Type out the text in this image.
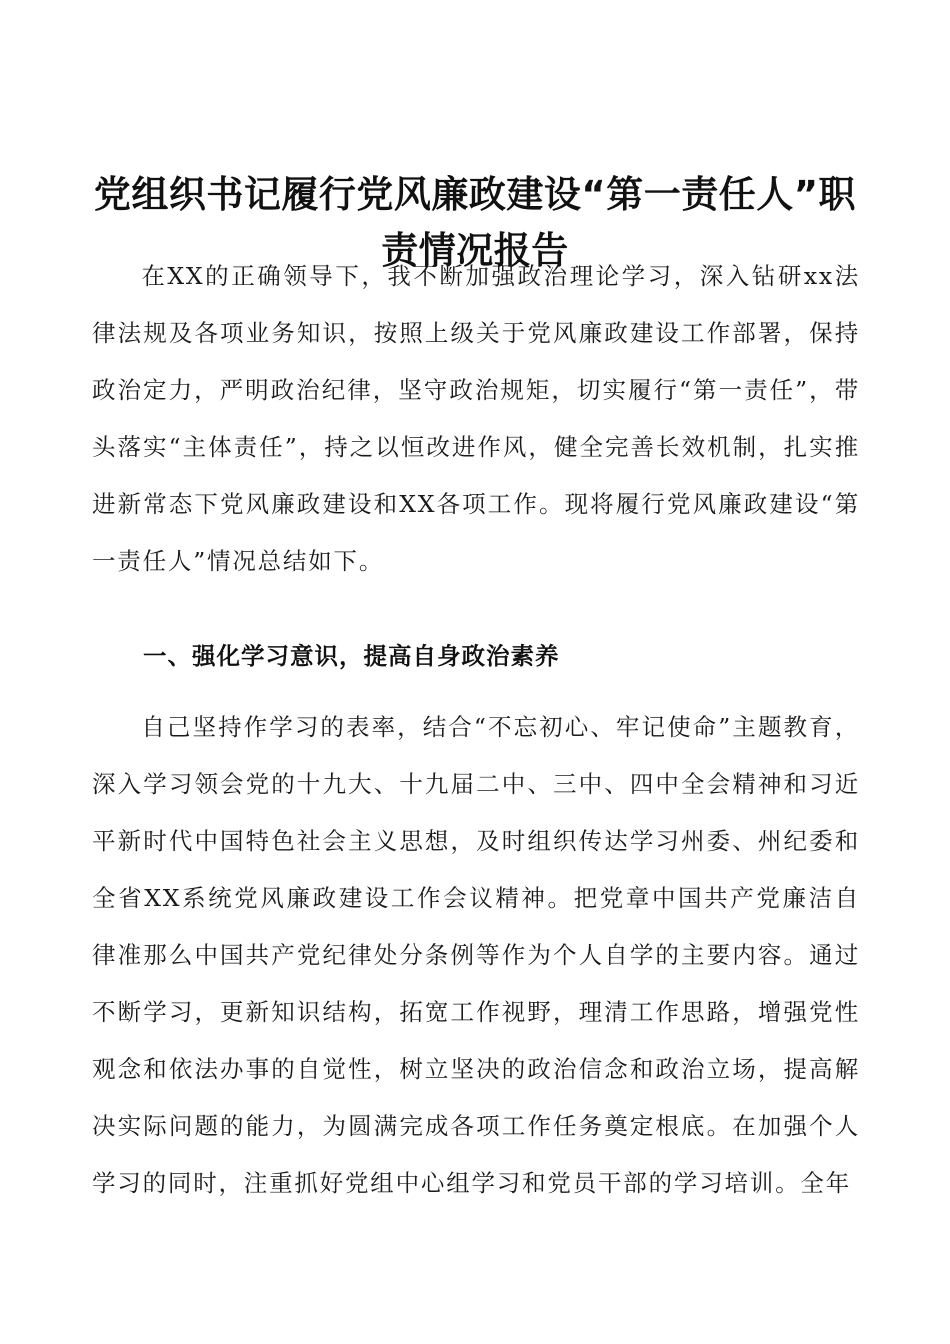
党组织书记履行党风廉政建设“第一责任人”职
责情况报告

在XX的正确领导下，我不断加强政治理论学习，深入钻研xx法律法规及各项业务知识，按照上级关于党风廉政建设工作部署，保持政治定力，严明政治纪律，坚守政治规矩，切实履行“第一责任”，带头落实“主体责任”，持之以恒改进作风，健全完善长效机制，扎实推进新常态下党风廉政建设和XX各项工作。现将履行党风廉政建设“第一责任人”情况总结如下。

一、强化学习意识，提高自身政治素养

自己坚持作学习的表率，结合“不忘初心、牢记使命”主题教育，深入学习领会党的十九大、十九届二中、三中、四中全会精神和习近平新时代中国特色社会主义思想，及时组织传达学习州委、州纪委和全省XX系统党风廉政建设工作会议精神。把党章中国共产党廉洁自律准那么中国共产党纪律处分条例等作为个人自学的主要内容。通过不断学习，更新知识结构，拓宽工作视野，理清工作思路，增强党性观念和依法办事的自觉性，树立坚决的政治信念和政治立场，提高解决实际问题的能力，为圆满完成各项工作任务奠定根底。在加强个人学习的同时，注重抓好党组中心组学习和党员干部的学习培训。全年
